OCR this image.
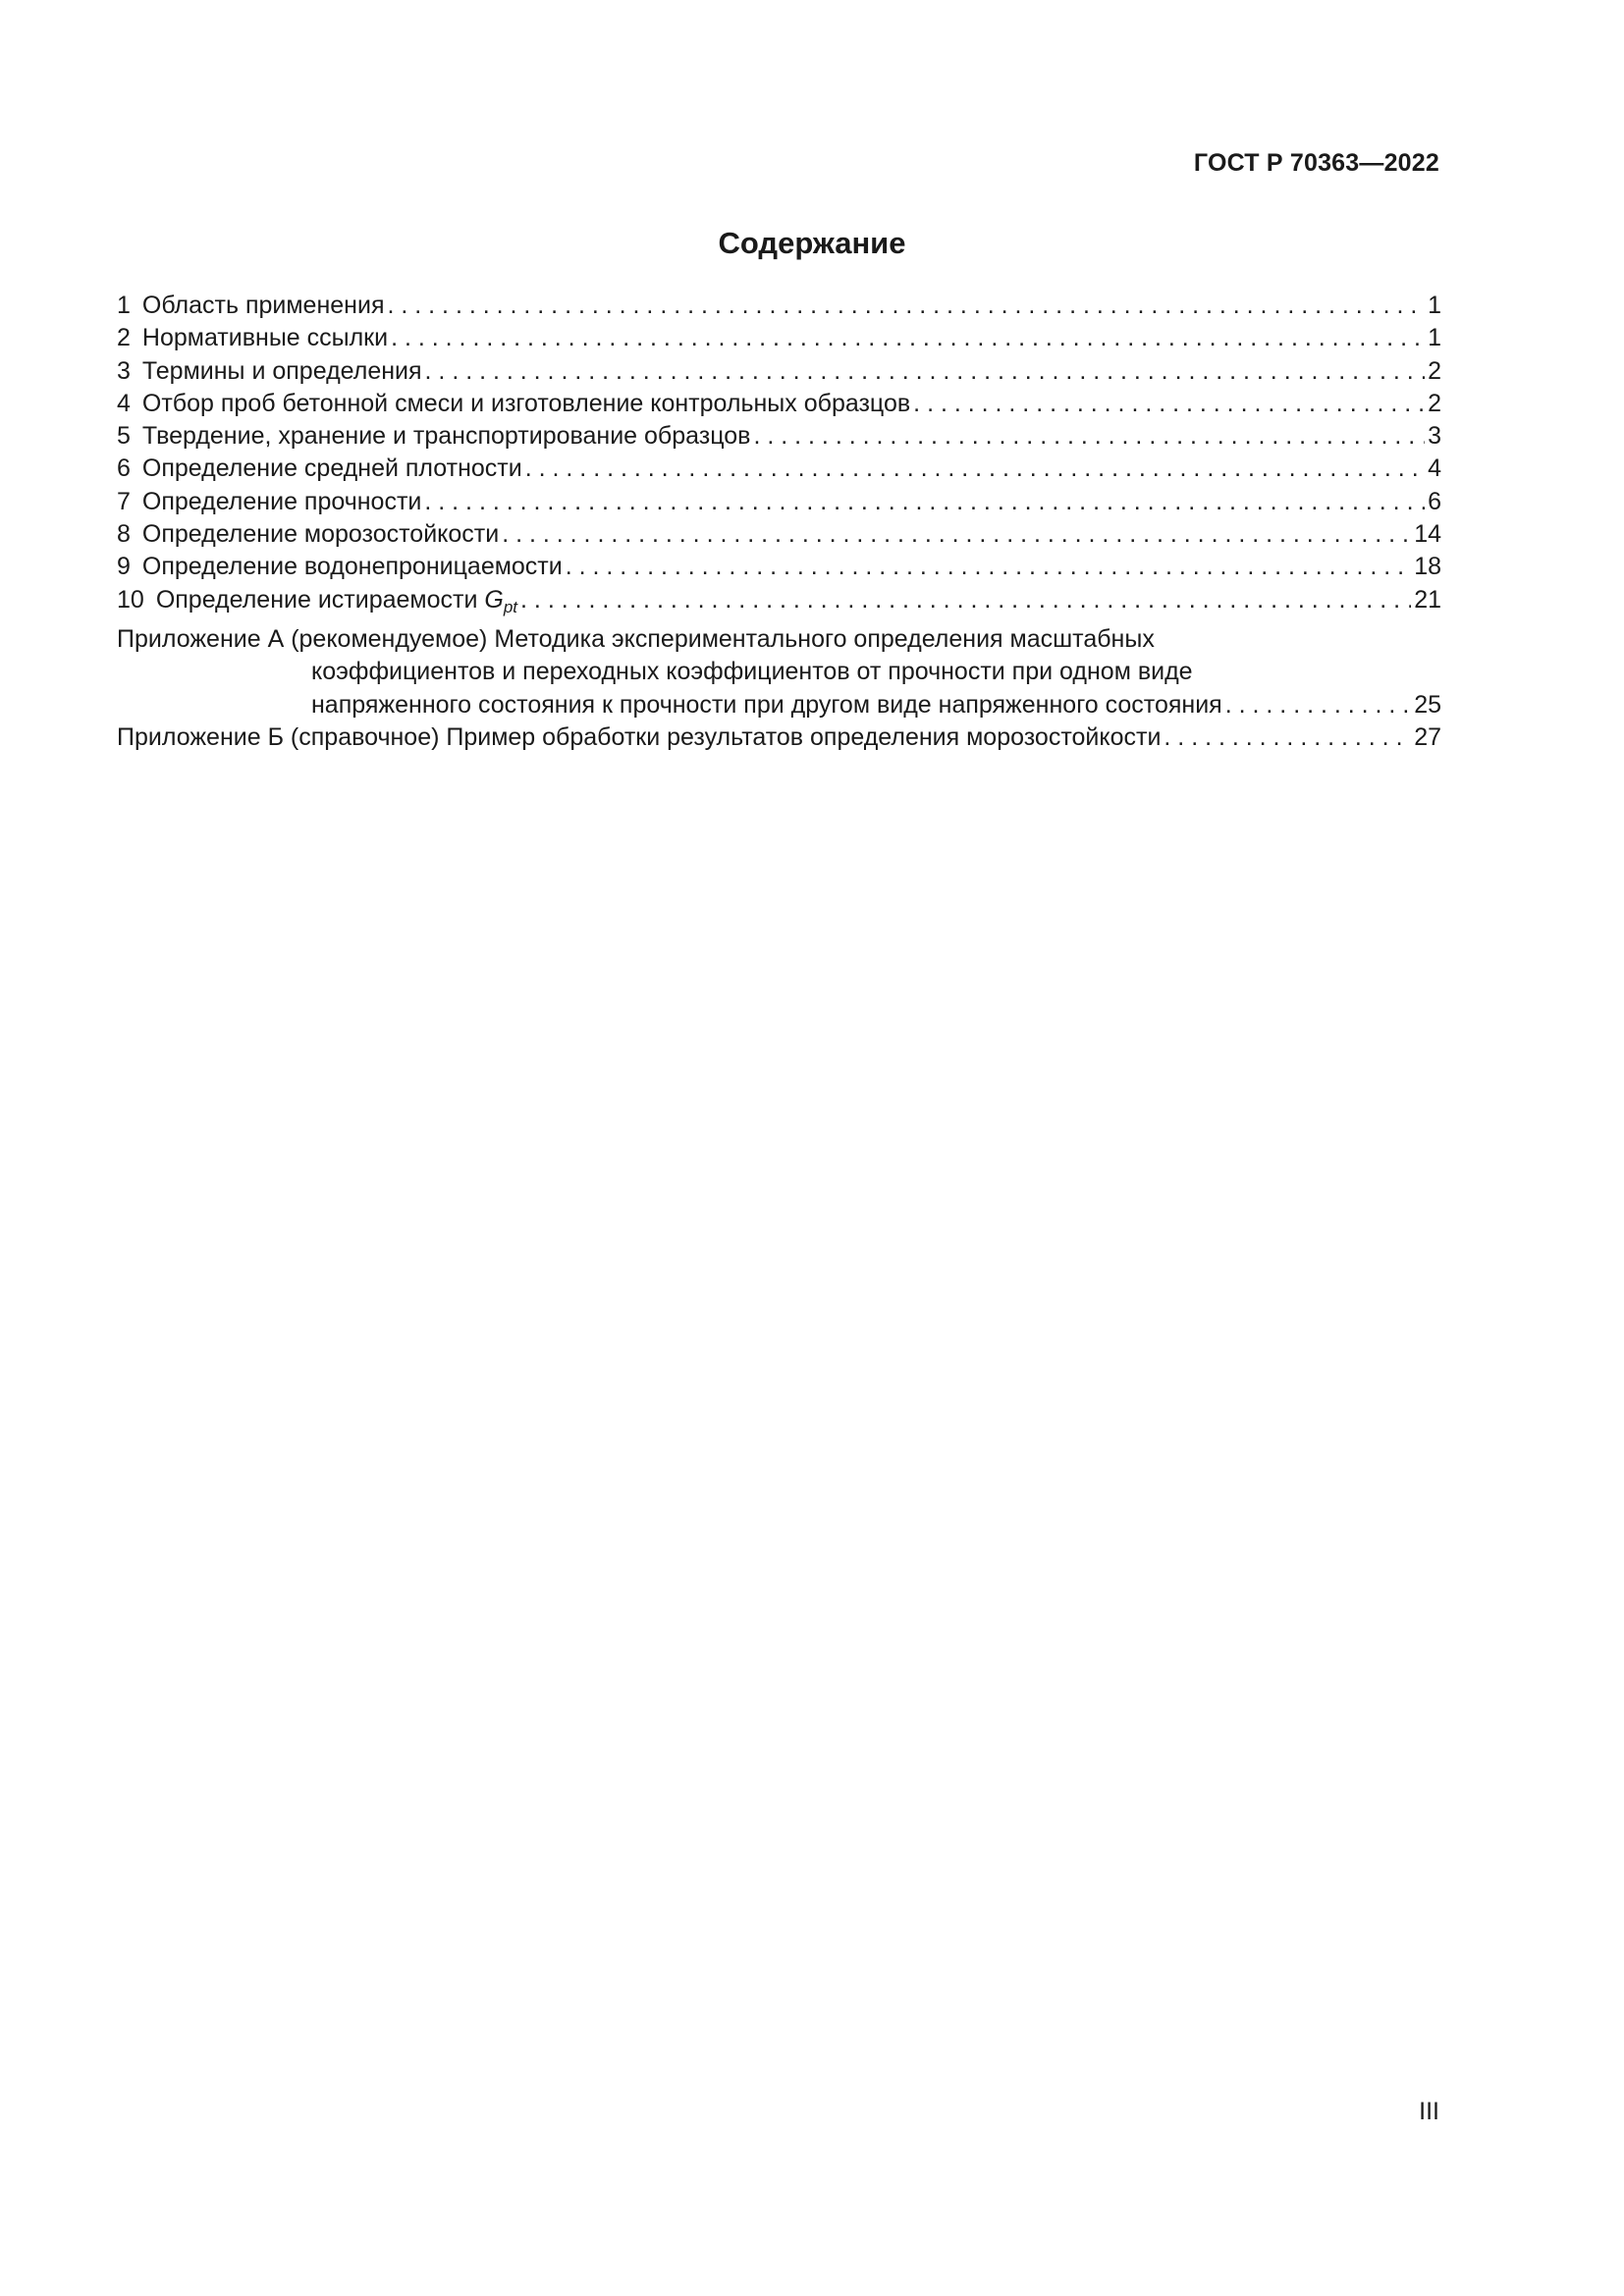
ГОСТ Р 70363—2022
Содержание
1 Область применения . . .	1
2 Нормативные ссылки . . .	1
3 Термины и определения . . .	2
4 Отбор проб бетонной смеси и изготовление контрольных образцов . . .	2
5 Твердение, хранение и транспортирование образцов . . .	3
6 Определение средней плотности . . .	4
7 Определение прочности . . .	6
8 Определение морозостойкости . . .	14
9 Определение водонепроницаемости . . .	18
10 Определение истираемости $G_{pt}$ . . .	21
Приложение А (рекомендуемое) Методика экспериментального определения масштабных
коэффициентов и переходных коэффициентов от прочности при одном виде
напряженного состояния к прочности при другом виде напряженного состояния . . .	25
Приложение Б (справочное) Пример обработки результатов определения морозостойкости . . .	27
III
